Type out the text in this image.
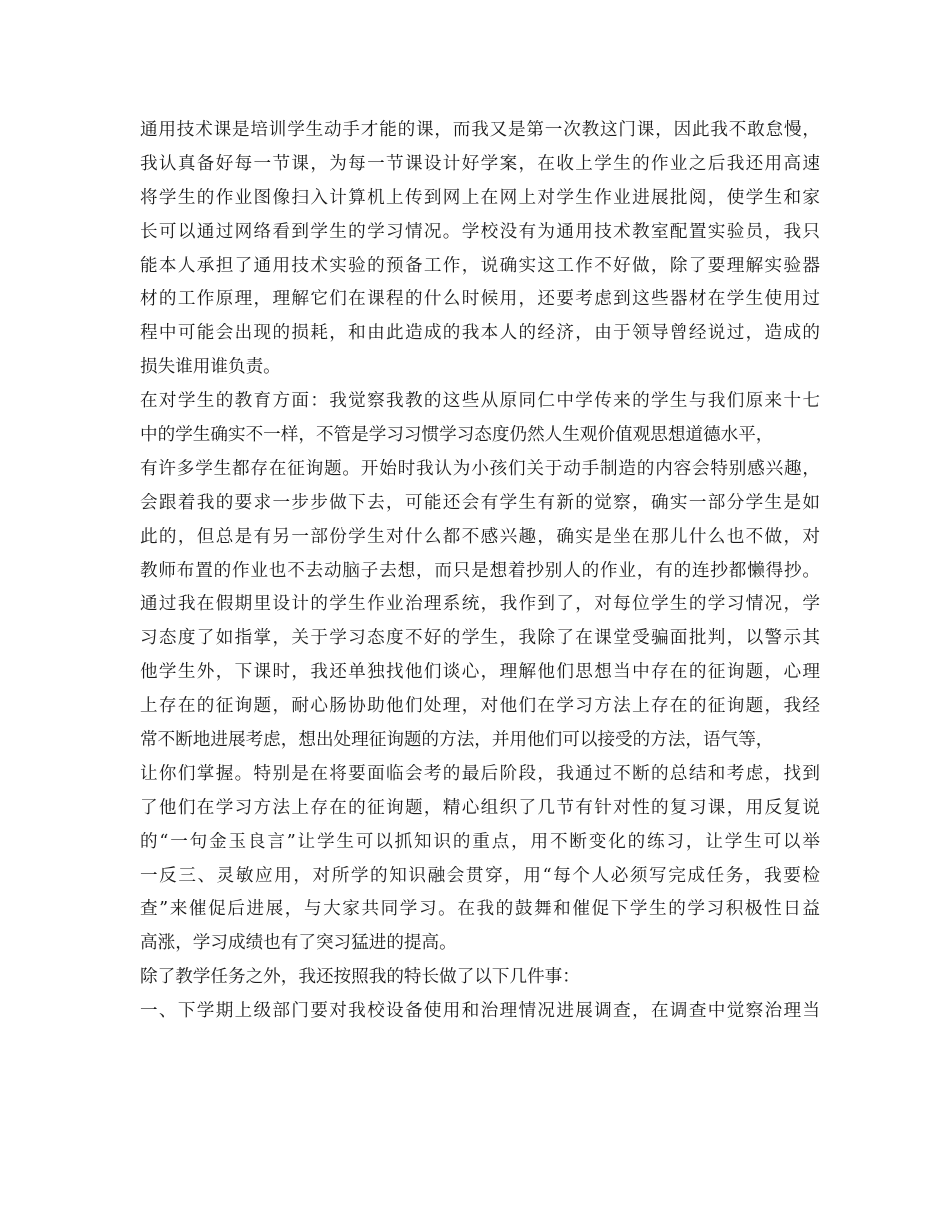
通用技术课是培训学生动手才能的课，而我又是第一次教这门课，因此我不敢怠慢，
我认真备好每一节课，为每一节课设计好学案，在收上学生的作业之后我还用高速
将学生的作业图像扫入计算机上传到网上在网上对学生作业进展批阅，使学生和家
长可以通过网络看到学生的学习情况。学校没有为通用技术教室配置实验员，我只
能本人承担了通用技术实验的预备工作，说确实这工作不好做，除了要理解实验器
材的工作原理，理解它们在课程的什么时候用，还要考虑到这些器材在学生使用过
程中可能会出现的损耗，和由此造成的我本人的经济，由于领导曾经说过，造成的
损失谁用谁负责。
在对学生的教育方面：我觉察我教的这些从原同仁中学传来的学生与我们原来十七
中的学生确实不一样，不管是学习习惯学习态度仍然人生观价值观思想道德水平，
有许多学生都存在征询题。开始时我认为小孩们关于动手制造的内容会特别感兴趣，
会跟着我的要求一步步做下去，可能还会有学生有新的觉察，确实一部分学生是如
此的，但总是有另一部份学生对什么都不感兴趣，确实是坐在那儿什么也不做，对
教师布置的作业也不去动脑子去想，而只是想着抄别人的作业，有的连抄都懒得抄。
通过我在假期里设计的学生作业治理系统，我作到了，对每位学生的学习情况，学
习态度了如指掌，关于学习态度不好的学生，我除了在课堂受骗面批判，以警示其
他学生外，下课时，我还单独找他们谈心，理解他们思想当中存在的征询题，心理
上存在的征询题，耐心肠协助他们处理，对他们在学习方法上存在的征询题，我经
常不断地进展考虑，想出处理征询题的方法，并用他们可以接受的方法，语气等，
让你们掌握。特别是在将要面临会考的最后阶段，我通过不断的总结和考虑，找到
了他们在学习方法上存在的征询题，精心组织了几节有针对性的复习课，用反复说
的“一句金玉良言”让学生可以抓知识的重点，用不断变化的练习，让学生可以举
一反三、灵敏应用，对所学的知识融会贯穿，用“每个人必须写完成任务，我要检
查”来催促后进展，与大家共同学习。在我的鼓舞和催促下学生的学习积极性日益
高涨，学习成绩也有了突习猛进的提高。
除了教学任务之外，我还按照我的特长做了以下几件事：
一、下学期上级部门要对我校设备使用和治理情况进展调查，在调查中觉察治理当
